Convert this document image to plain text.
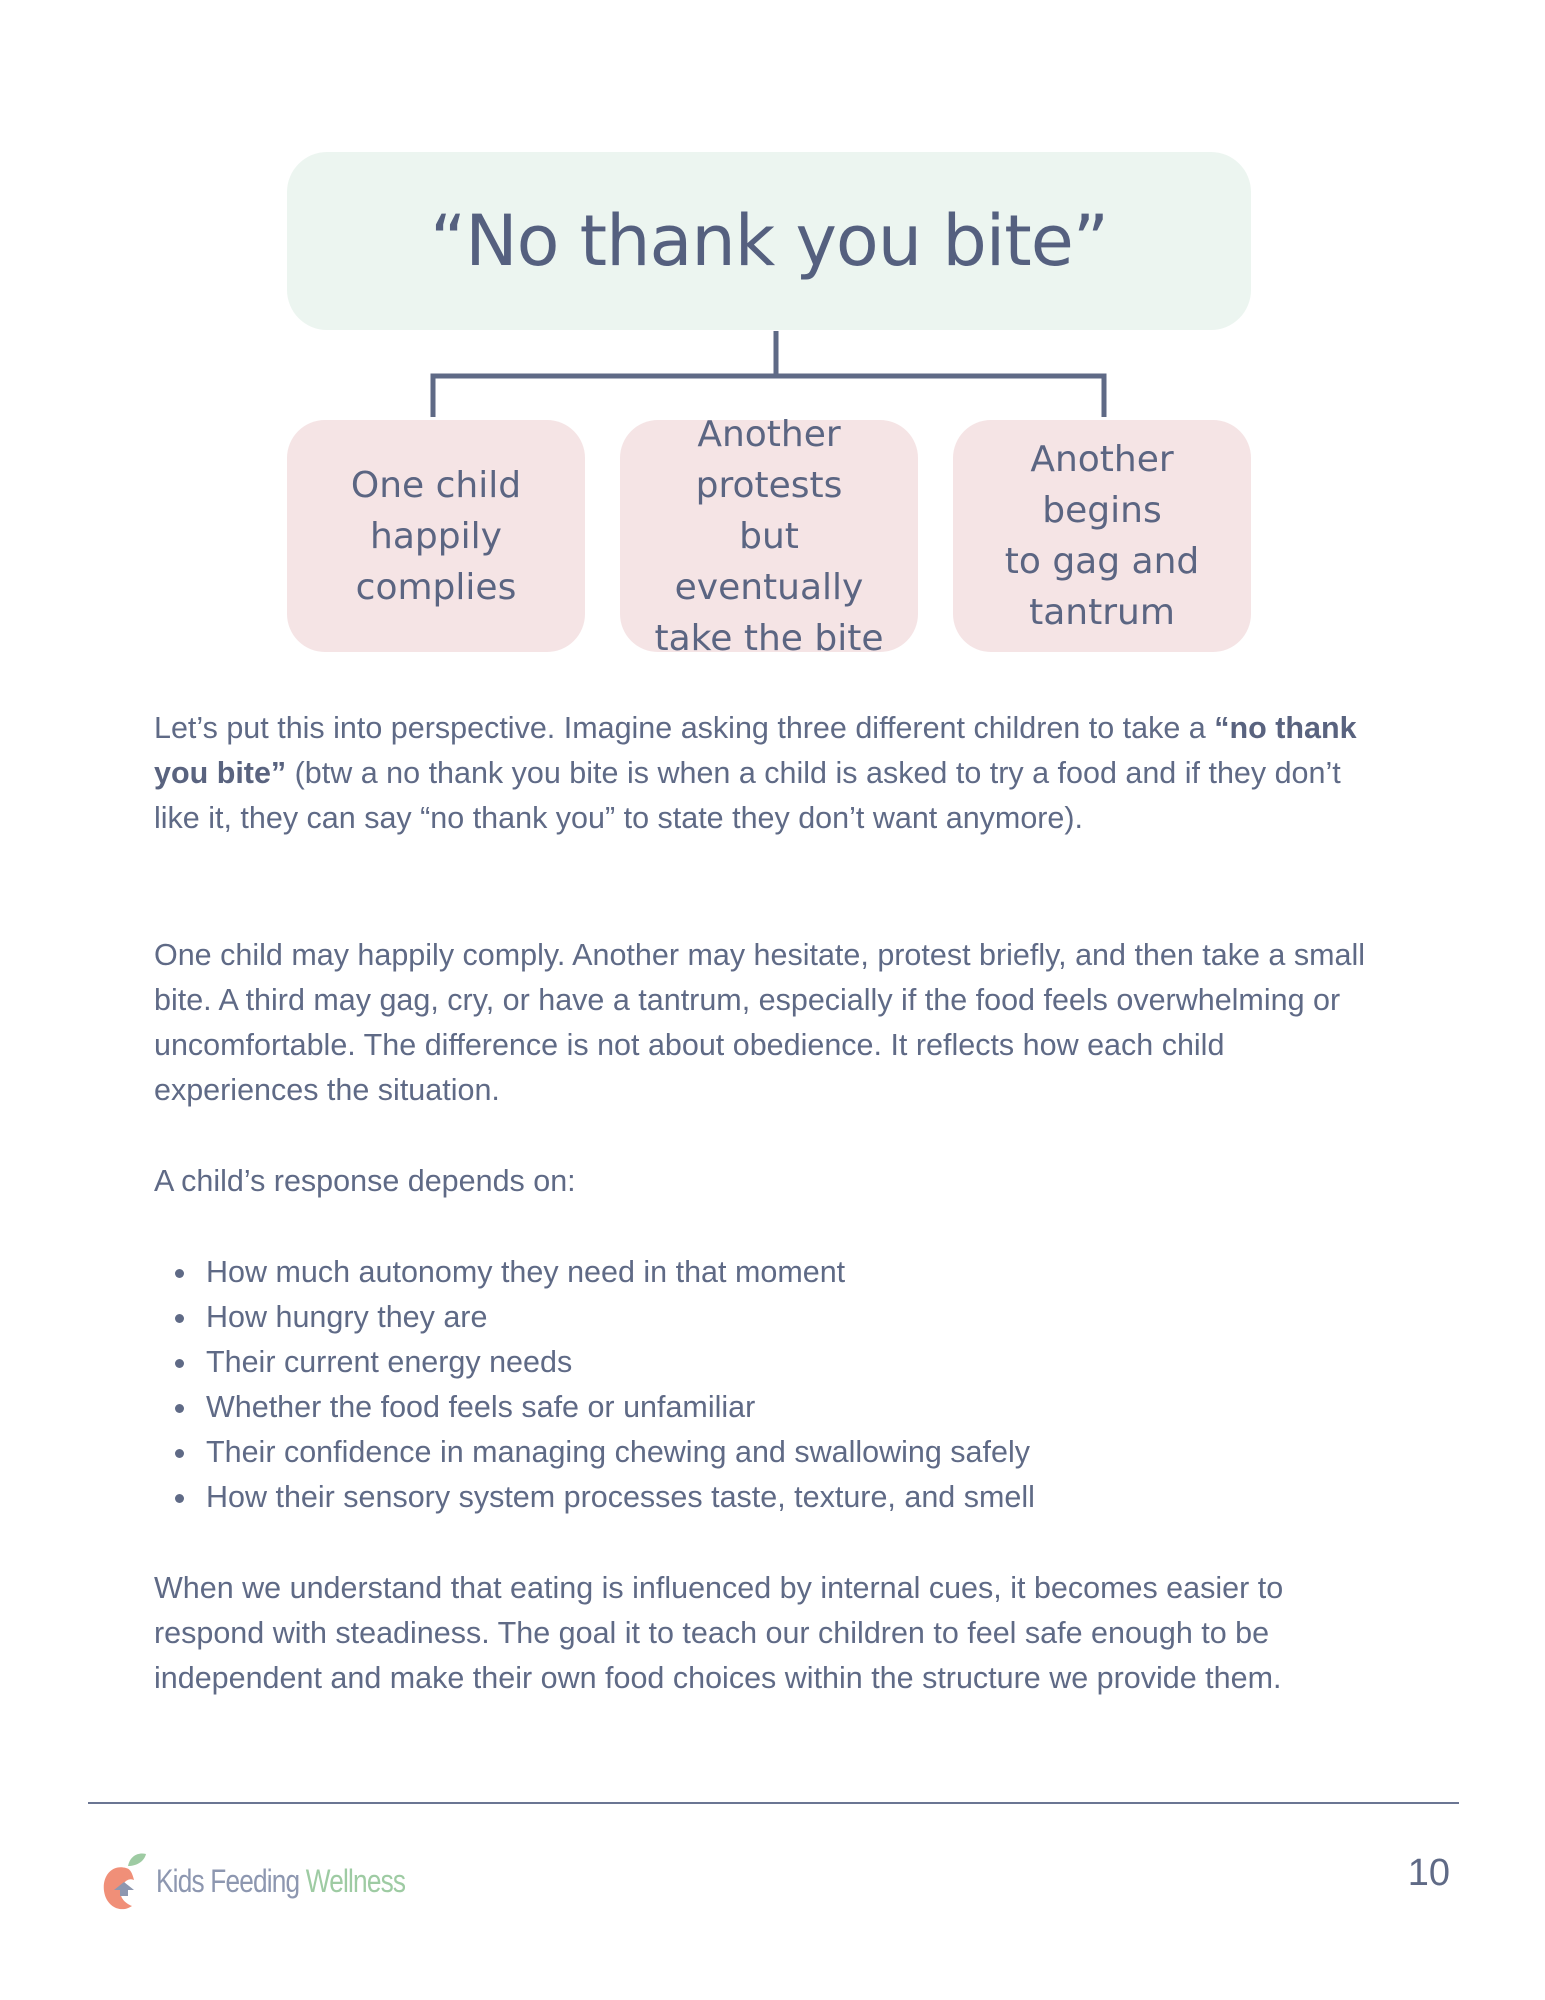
“No thank you bite”
One child
happily
complies
Another protests
but eventually
take the bite
Another begins
to gag and
tantrum

Let’s put this into perspective. Imagine asking three different children to take a “no thank you bite” (btw a no thank you bite is when a child is asked to try a food and if they don’t like it, they can say “no thank you” to state they don’t want anymore).

One child may happily comply. Another may hesitate, protest briefly, and then take a small bite. A third may gag, cry, or have a tantrum, especially if the food feels overwhelming or uncomfortable. The difference is not about obedience. It reflects how each child experiences the situation.

A child’s response depends on:

How much autonomy they need in that moment
How hungry they are
Their current energy needs
Whether the food feels safe or unfamiliar
Their confidence in managing chewing and swallowing safely
How their sensory system processes taste, texture, and smell

When we understand that eating is influenced by internal cues, it becomes easier to respond with steadiness. The goal it to teach our children to feel safe enough to be independent and make their own food choices within the structure we provide them.

Kids Feeding Wellness	10
